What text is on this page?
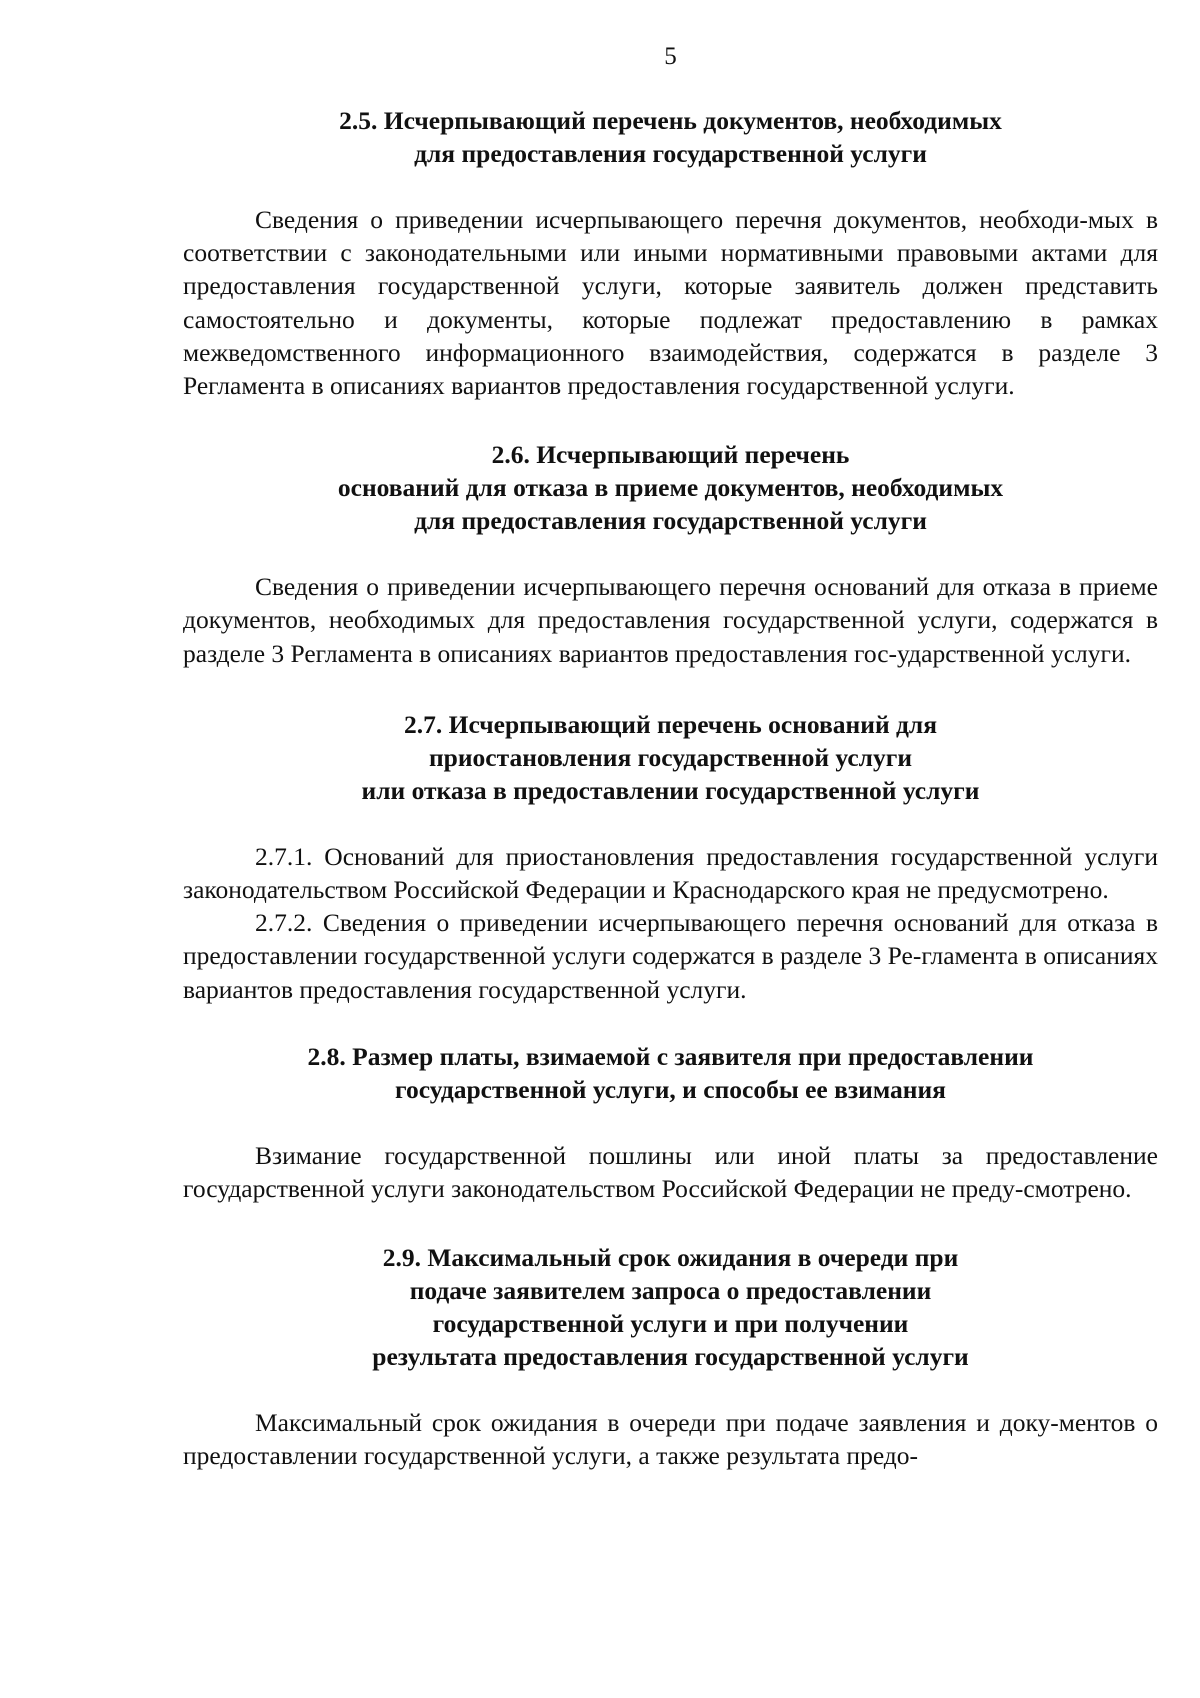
5
2.5. Исчерпывающий перечень документов, необходимых
для предоставления государственной услуги

Сведения о приведении исчерпывающего перечня документов, необходи-мых в соответствии с законодательными или иными нормативными правовыми актами для предоставления государственной услуги, которые заявитель должен представить самостоятельно и документы, которые подлежат предоставлению в рамках межведомственного информационного взаимодействия, содержатся в разделе 3 Регламента в описаниях вариантов предоставления государственной услуги.

2.6. Исчерпывающий перечень
оснований для отказа в приеме документов, необходимых
для предоставления государственной услуги

Сведения о приведении исчерпывающего перечня оснований для отказа в приеме документов, необходимых для предоставления государственной услуги, содержатся в разделе 3 Регламента в описаниях вариантов предоставления гос-ударственной услуги.

2.7. Исчерпывающий перечень оснований для
приостановления государственной услуги
или отказа в предоставлении государственной услуги

2.7.1. Оснований для приостановления предоставления государственной услуги законодательством Российской Федерации и Краснодарского края не предусмотрено.

2.7.2. Сведения о приведении исчерпывающего перечня оснований для отказа в предоставлении государственной услуги содержатся в разделе 3 Ре-гламента в описаниях вариантов предоставления государственной услуги.

2.8. Размер платы, взимаемой с заявителя при предоставлении
государственной услуги, и способы ее взимания

Взимание государственной пошлины или иной платы за предоставление государственной услуги законодательством Российской Федерации не преду-смотрено.

2.9. Максимальный срок ожидания в очереди при
подаче заявителем запроса о предоставлении
государственной услуги и при получении
результата предоставления государственной услуги

Максимальный срок ожидания в очереди при подаче заявления и доку-ментов о предоставлении государственной услуги, а также результата предо-
